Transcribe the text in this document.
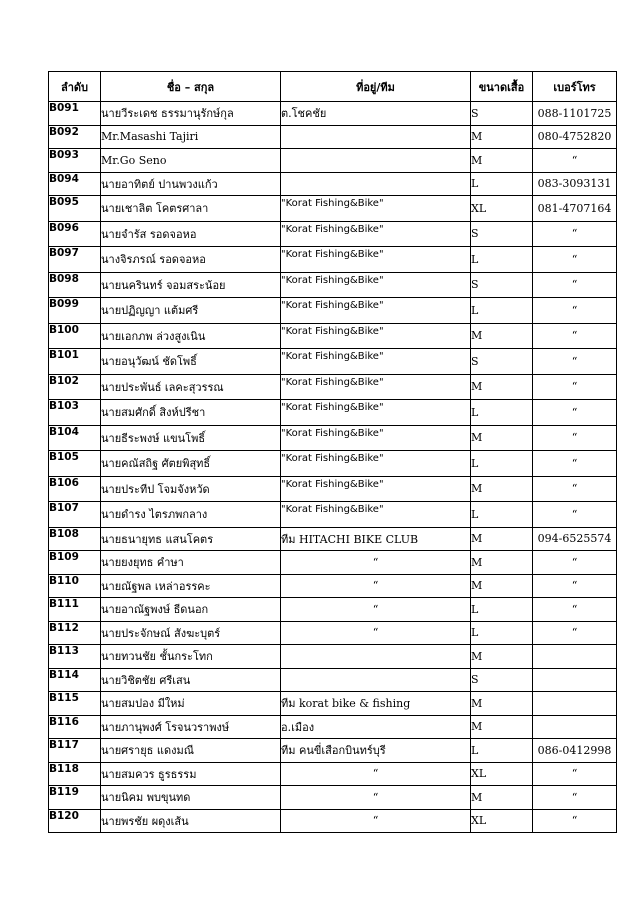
ลำดับ	ชื่อ – สกุล	ที่อยู่/ทีม	ขนาดเสื้อ	เบอร์โทร
B091	นายวีระเดช ธรรมานุรักษ์กุล	ต.โชคชัย	S	088-1101725
B092	Mr.Masashi Tajiri		M	080-4752820
B093	Mr.Go Seno		M	“
B094	นายอาทิตย์ ปานพวงแก้ว		L	083-3093131
B095	นายเชาลิต โคตรศาลา	"Korat Fishing&Bike"	XL	081-4707164
B096	นายจำรัส รอดจอหอ	"Korat Fishing&Bike"	S	“
B097	นางจิรภรณ์ รอดจอหอ	"Korat Fishing&Bike"	L	“
B098	นายนครินทร์ จอมสระน้อย	"Korat Fishing&Bike"	S	“
B099	นายปฏิญญา แต้มศรี	"Korat Fishing&Bike"	L	“
B100	นายเอกภพ ล่วงสูงเนิน	"Korat Fishing&Bike"	M	“
B101	นายอนุวัฒน์ ชัดโพธิ์	"Korat Fishing&Bike"	S	“
B102	นายประพันธ์ เลคะสุวรรณ	"Korat Fishing&Bike"	M	“
B103	นายสมศักดิ์ สิงห์ปรีชา	"Korat Fishing&Bike"	L	“
B104	นายธีระพงษ์ แขนโพธิ์	"Korat Fishing&Bike"	M	“
B105	นายคณัสถิฐ ศัตยพิสุทธิ์	"Korat Fishing&Bike"	L	“
B106	นายประทีป โจมจังหวัด	"Korat Fishing&Bike"	M	“
B107	นายดำรง ไตรภพกลาง	"Korat Fishing&Bike"	L	“
B108	นายธนายุทธ แสนโคตร	ทีม HITACHI BIKE CLUB	M	094-6525574
B109	นายยงยุทธ คำษา	“	M	“
B110	นายณัฐพล เหล่าอรรคะ	“	M	“
B111	นายอาณัฐพงษ์ ธีดนอก	“	L	“
B112	นายประจักษณ์ สังฆะบุตร์	“	L	“
B113	นายทวนชัย ชั้นกระโทก		M	
B114	นายวิชิตชัย ศรีเสน		S	
B115	นายสมปอง มีใหม่	ทีม korat bike & fishing	M	
B116	นายภานุพงศ์ โรจนวราพงษ์	อ.เมือง	M	
B117	นายศรายุธ แดงมณี	ทีม คนขี่เสือกบินทร์บุรี	L	086-0412998
B118	นายสมควร ธูรธรรม	“	XL	“
B119	นายนิคม พบขุนทด	“	M	“
B120	นายพรชัย ผดุงเส้น	“	XL	“
